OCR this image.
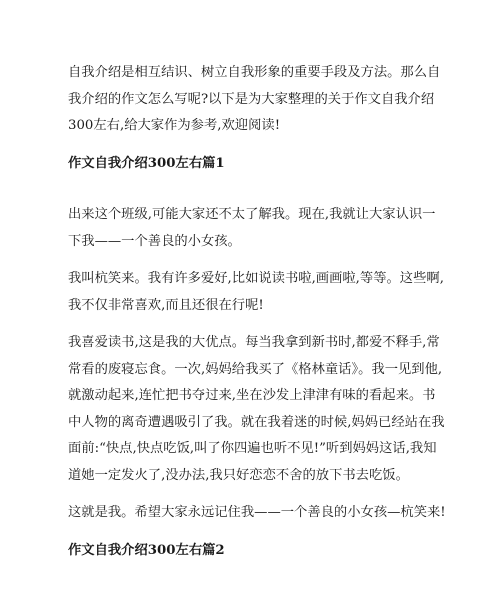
自我介绍是相互结识、树立自我形象的重要手段及方法。那么自我介绍的作文怎么写呢?以下是为大家整理的关于作文自我介绍300左右,给大家作为参考,欢迎阅读!

作文自我介绍300左右篇1

出来这个班级,可能大家还不太了解我。现在,我就让大家认识一下我——一个善良的小女孩。

我叫杭笑来。我有许多爱好,比如说读书啦,画画啦,等等。这些啊,我不仅非常喜欢,而且还很在行呢!

我喜爱读书,这是我的大优点。每当我拿到新书时,都爱不释手,常常看的废寝忘食。一次,妈妈给我买了《格林童话》。我一见到他,就激动起来,连忙把书夺过来,坐在沙发上津津有味的看起来。书中人物的离奇遭遇吸引了我。就在我着迷的时候,妈妈已经站在我面前:“快点,快点吃饭,叫了你四遍也听不见!”听到妈妈这话,我知道她一定发火了,没办法,我只好恋恋不舍的放下书去吃饭。

这就是我。希望大家永远记住我——一个善良的小女孩—杭笑来!

作文自我介绍300左右篇2
